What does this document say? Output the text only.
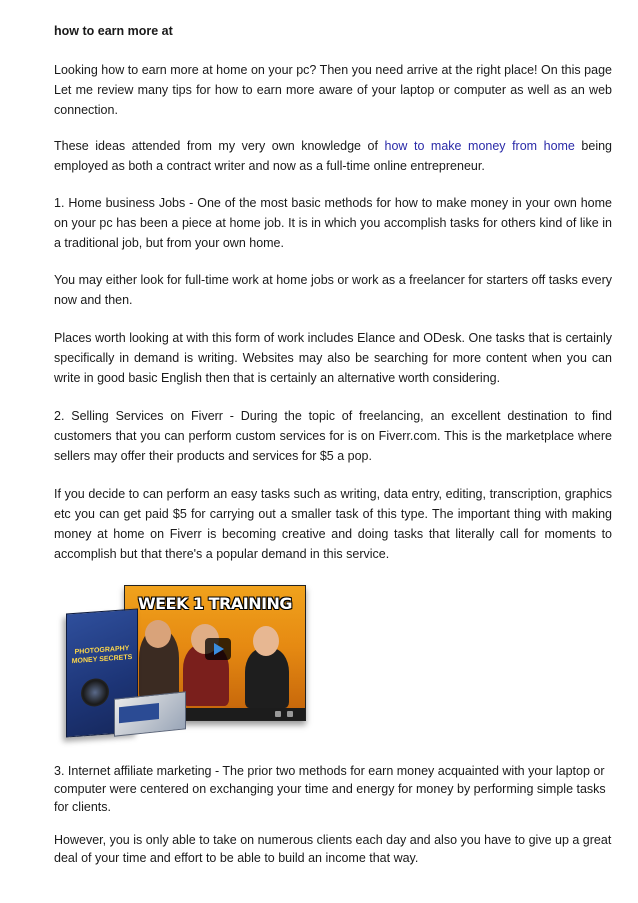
how to earn more at

Looking how to earn more at home on your pc? Then you need arrive at the right place! On this page Let me review many tips for how to earn more aware of your laptop or computer as well as an web connection.

These ideas attended from my very own knowledge of how to make money from home being employed as both a contract writer and now as a full-time online entrepreneur.

1. Home business Jobs - One of the most basic methods for how to make money in your own home on your pc has been a piece at home job. It is in which you accomplish tasks for others kind of like in a traditional job, but from your own home.

You may either look for full-time work at home jobs or work as a freelancer for starters off tasks every now and then.

Places worth looking at with this form of work includes Elance and ODesk. One tasks that is certainly specifically in demand is writing. Websites may also be searching for more content when you can write in good basic English then that is certainly an alternative worth considering.

2. Selling Services on Fiverr - During the topic of freelancing, an excellent destination to find customers that you can perform custom services for is on Fiverr.com. This is the marketplace where sellers may offer their products and services for $5 a pop.

If you decide to can perform an easy tasks such as writing, data entry, editing, transcription, graphics etc you can get paid $5 for carrying out a smaller task of this type. The important thing with making money at home on Fiverr is becoming creative and doing tasks that literally call for moments to accomplish but that there's a popular demand in this service.

3. Internet affiliate marketing - The prior two methods for earn money acquainted with your laptop or computer were centered on exchanging your time and energy for money by performing simple tasks for clients.

However, you is only able to take on numerous clients each day and also you have to give up a great deal of your time and effort to be able to build an income that way.

WEEK 1 TRAINING
PHOTOGRAPHY MONEY SECRETS
